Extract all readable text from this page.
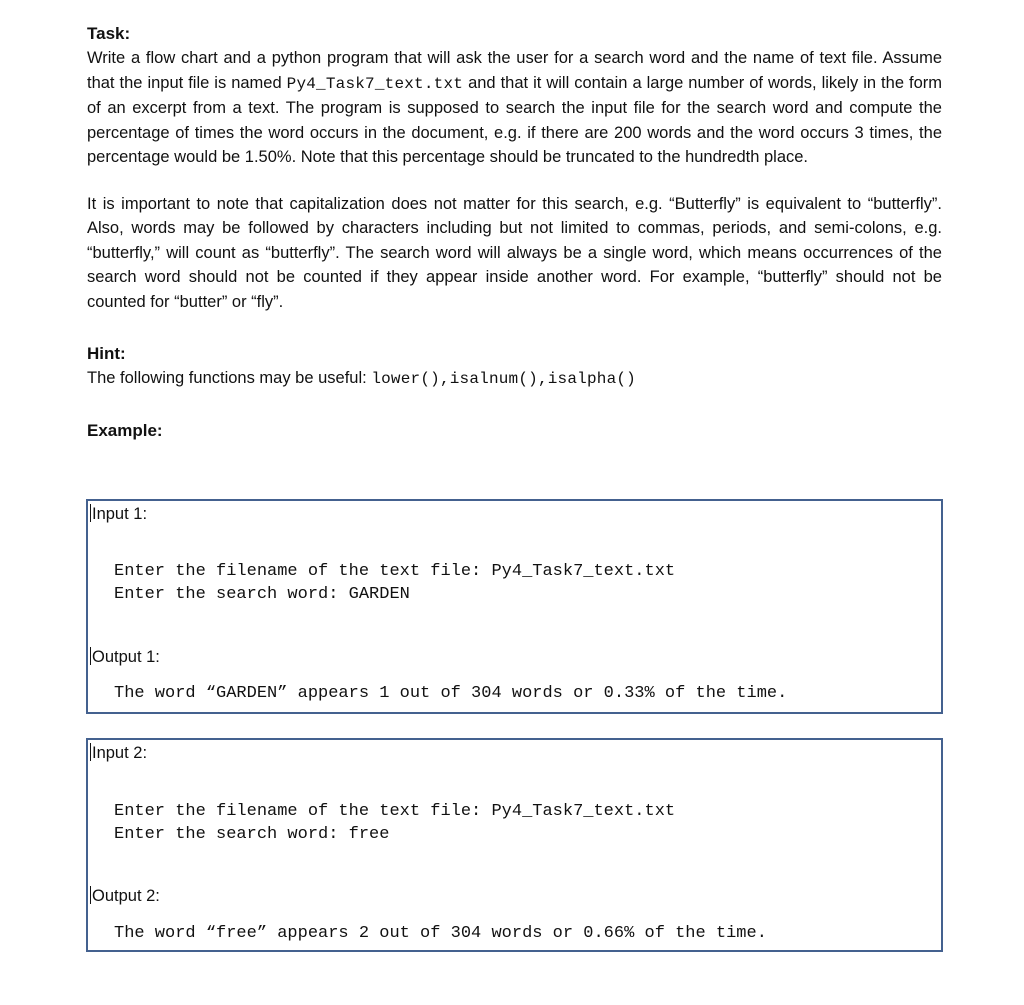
Task:

Write a flow chart and a python program that will ask the user for a search word and the name of text file. Assume that the input file is named Py4_Task7_text.txt and that it will contain a large number of words, likely in the form of an excerpt from a text. The program is supposed to search the input file for the search word and compute the percentage of times the word occurs in the document, e.g. if there are 200 words and the word occurs 3 times, the percentage would be 1.50%. Note that this percentage should be truncated to the hundredth place.

It is important to note that capitalization does not matter for this search, e.g. “Butterfly” is equivalent to “butterfly”. Also, words may be followed by characters including but not limited to commas, periods, and semi-colons, e.g. “butterfly,” will count as “butterfly”. The search word will always be a single word, which means occurrences of the search word should not be counted if they appear inside another word. For example, “butterfly” should not be counted for “butter” or “fly”.

Hint:

The following functions may be useful: lower(),isalnum(),isalpha()

Example:

Input 1:
Enter the filename of the text file: Py4_Task7_text.txt
Enter the search word: GARDEN
Output 1:
The word “GARDEN” appears 1 out of 304 words or 0.33% of the time.
Input 2:
Enter the filename of the text file: Py4_Task7_text.txt
Enter the search word: free
Output 2:
The word “free” appears 2 out of 304 words or 0.66% of the time.
